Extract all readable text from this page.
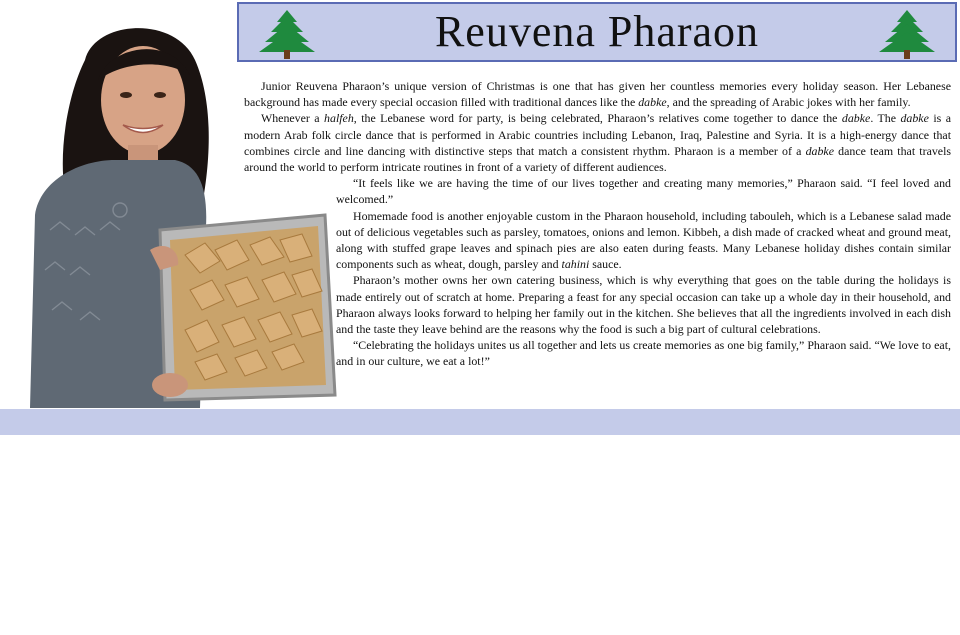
Reuvena Pharaon

Junior Reuvena Pharaon’s unique version of Christmas is one that has given her countless memories every holiday season. Her Lebanese background has made every special occasion filled with traditional dances like the dabke, and the spreading of Arabic jokes with her family.

Whenever a halfeh, the Lebanese word for party, is being celebrated, Pharaon’s relatives come together to dance the dabke. The dabke is a modern Arab folk circle dance that is performed in Arabic countries including Lebanon, Iraq, Palestine and Syria. It is a high-energy dance that combines circle and line dancing with distinctive steps that match a consistent rhythm. Pharaon is a member of a dabke dance team that travels around the world to perform intricate routines in front of a variety of different audiences.

“It feels like we are having the time of our lives together and creating many memories,” Pharaon said. “I feel loved and welcomed.”

Homemade food is another enjoyable custom in the Pharaon household, including tabouleh, which is a Lebanese salad made out of delicious vegetables such as parsley, tomatoes, onions and lemon. Kibbeh, a dish made of cracked wheat and ground meat, along with stuffed grape leaves and spinach pies are also eaten during feasts. Many Lebanese holiday dishes contain similar components such as wheat, dough, parsley and tahini sauce.

Pharaon’s mother owns her own catering business, which is why everything that goes on the table during the holidays is made entirely out of scratch at home. Preparing a feast for any special occasion can take up a whole day in their household, and Pharaon always looks forward to helping her family out in the kitchen. She believes that all the ingredients involved in each dish and the taste they leave behind are the reasons why the food is such a big part of cultural celebrations.

“Celebrating the holidays unites us all together and lets us create memories as one big family,” Pharaon said. “We love to eat, and in our culture, we eat a lot!”
